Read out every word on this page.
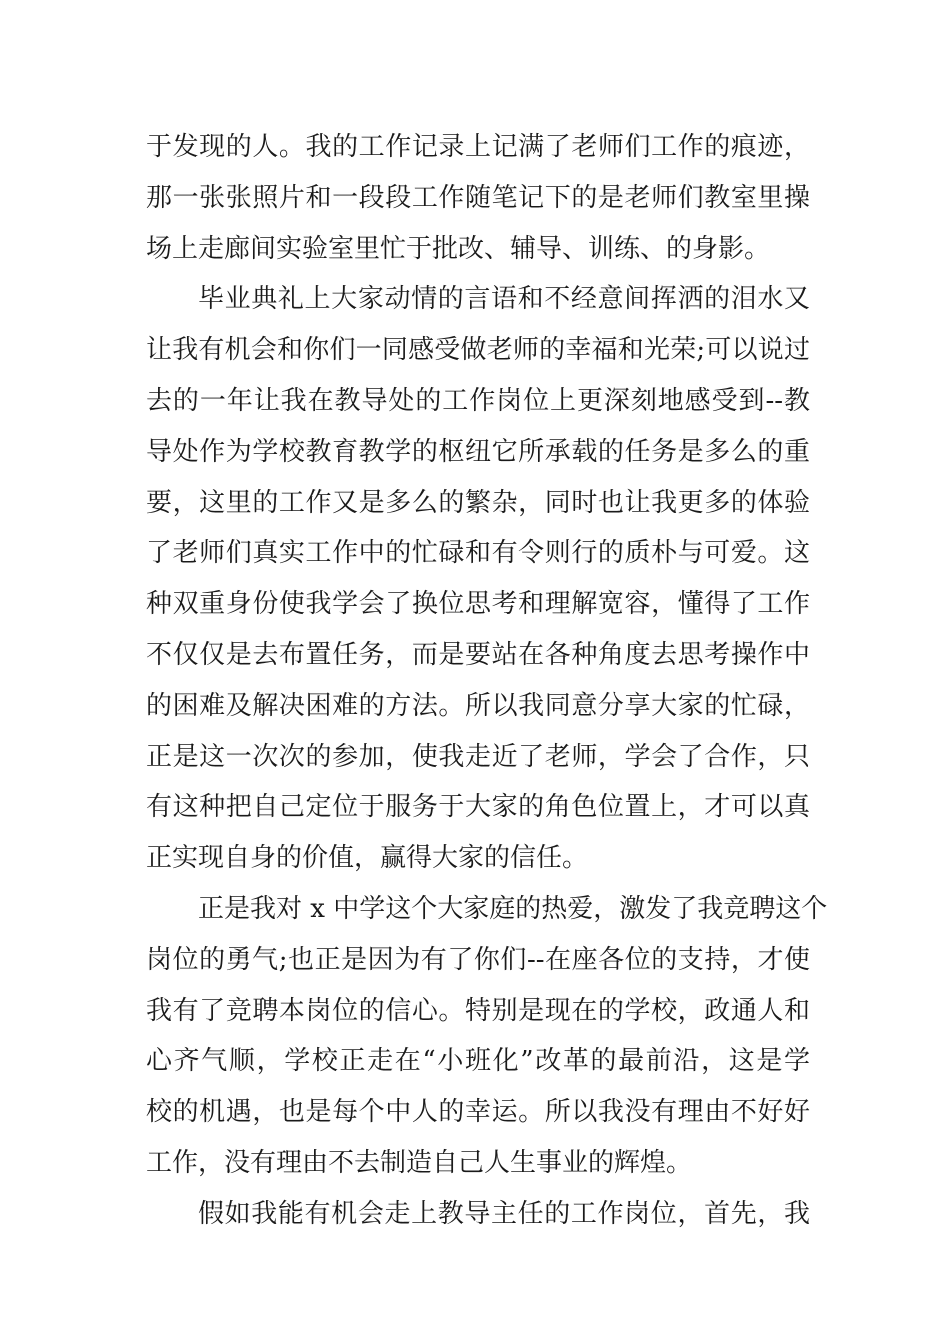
于发现的人。我的工作记录上记满了老师们工作的痕迹，
那一张张照片和一段段工作随笔记下的是老师们教室里操
场上走廊间实验室里忙于批改、辅导、训练、的身影。
毕业典礼上大家动情的言语和不经意间挥洒的泪水又
让我有机会和你们一同感受做老师的幸福和光荣;可以说过
去的一年让我在教导处的工作岗位上更深刻地感受到--教
导处作为学校教育教学的枢纽它所承载的任务是多么的重
要，这里的工作又是多么的繁杂，同时也让我更多的体验
了老师们真实工作中的忙碌和有令则行的质朴与可爱。这
种双重身份使我学会了换位思考和理解宽容，懂得了工作
不仅仅是去布置任务，而是要站在各种角度去思考操作中
的困难及解决困难的方法。所以我同意分享大家的忙碌，
正是这一次次的参加，使我走近了老师，学会了合作，只
有这种把自己定位于服务于大家的角色位置上，才可以真
正实现自身的价值，赢得大家的信任。
正是我对 x 中学这个大家庭的热爱，激发了我竞聘这个
岗位的勇气;也正是因为有了你们--在座各位的支持，才使
我有了竞聘本岗位的信心。特别是现在的学校，政通人和
心齐气顺，学校正走在“小班化”改革的最前沿，这是学
校的机遇，也是每个中人的幸运。所以我没有理由不好好
工作，没有理由不去制造自己人生事业的辉煌。
假如我能有机会走上教导主任的工作岗位，首先，我
